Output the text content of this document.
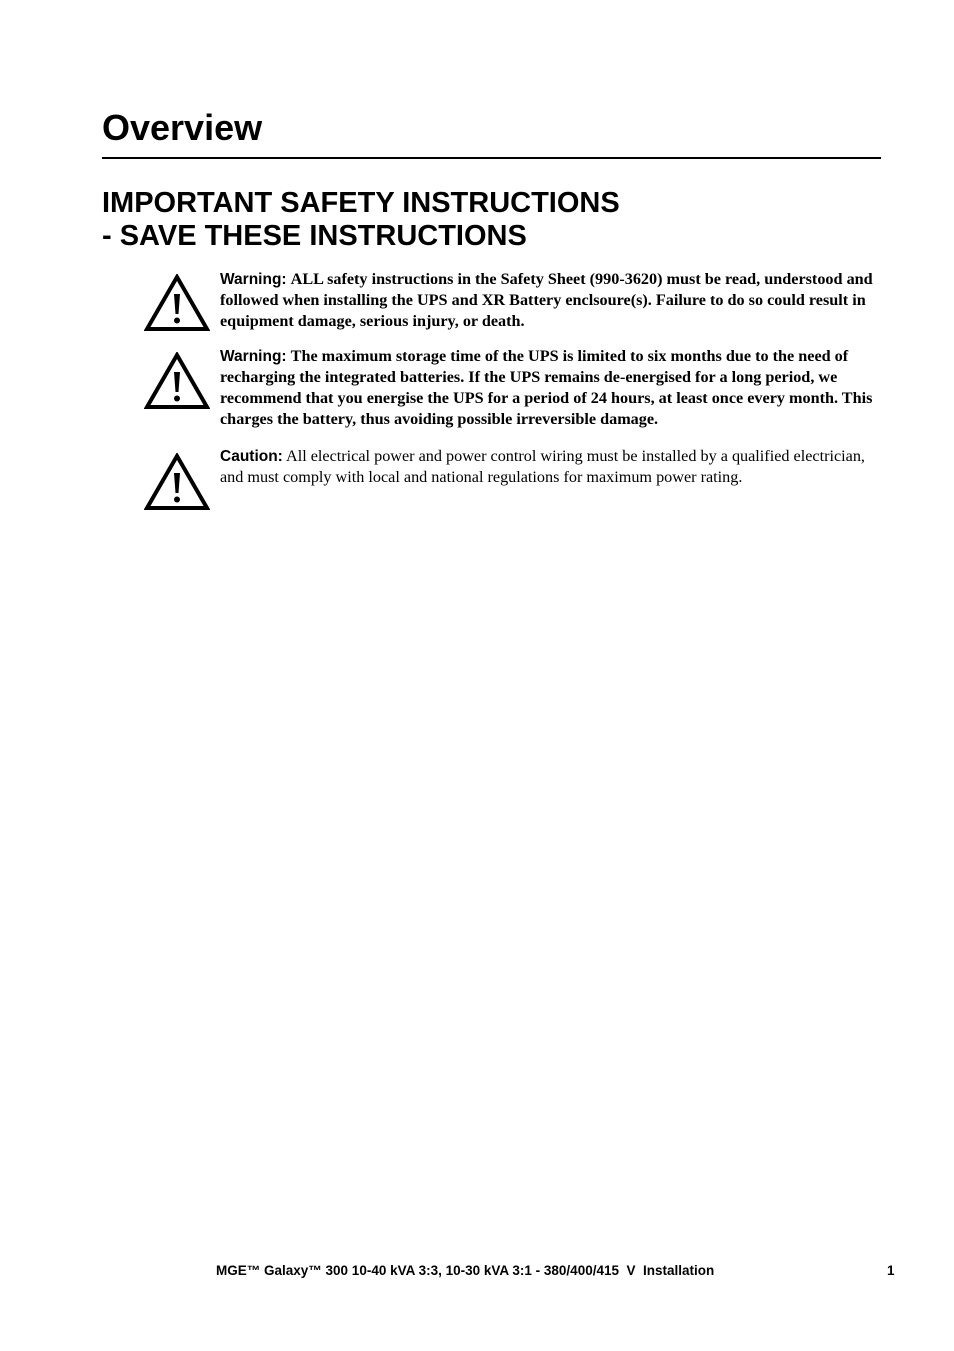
Overview
IMPORTANT SAFETY INSTRUCTIONS
- SAVE THESE INSTRUCTIONS
Warning: ALL safety instructions in the Safety Sheet (990-3620) must be read, understood and followed when installing the UPS and XR Battery enclsoure(s). Failure to do so could result in equipment damage, serious injury, or death.
Warning: The maximum storage time of the UPS is limited to six months due to the need of recharging the integrated batteries. If the UPS remains de-energised for a long period, we recommend that you energise the UPS for a period of 24 hours, at least once every month. This charges the battery, thus avoiding possible irreversible damage.
Caution: All electrical power and power control wiring must be installed by a qualified electrician, and must comply with local and national regulations for maximum power rating.
MGE™ Galaxy™ 300 10-40 kVA 3:3, 10-30 kVA 3:1 - 380/400/415  V  Installation	1
